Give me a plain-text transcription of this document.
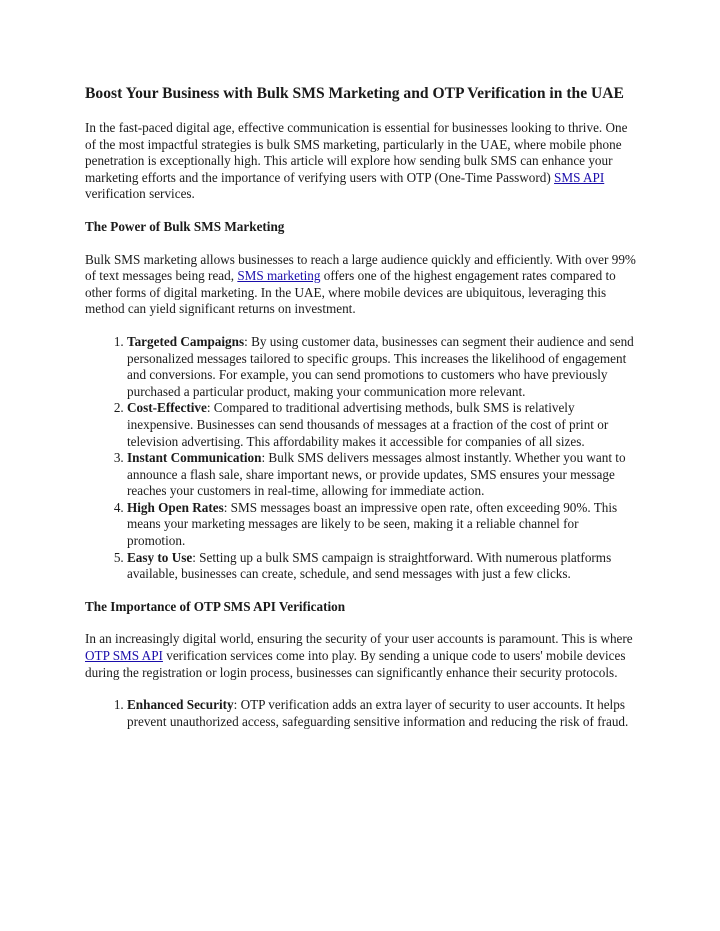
Boost Your Business with Bulk SMS Marketing and OTP Verification in the UAE

In the fast-paced digital age, effective communication is essential for businesses looking to thrive. One of the most impactful strategies is bulk SMS marketing, particularly in the UAE, where mobile phone penetration is exceptionally high. This article will explore how sending bulk SMS can enhance your marketing efforts and the importance of verifying users with OTP (One-Time Password) SMS API verification services.

The Power of Bulk SMS Marketing

Bulk SMS marketing allows businesses to reach a large audience quickly and efficiently. With over 99% of text messages being read, SMS marketing offers one of the highest engagement rates compared to other forms of digital marketing. In the UAE, where mobile devices are ubiquitous, leveraging this method can yield significant returns on investment.

1. Targeted Campaigns: By using customer data, businesses can segment their audience and send personalized messages tailored to specific groups. This increases the likelihood of engagement and conversions. For example, you can send promotions to customers who have previously purchased a particular product, making your communication more relevant.
2. Cost-Effective: Compared to traditional advertising methods, bulk SMS is relatively inexpensive. Businesses can send thousands of messages at a fraction of the cost of print or television advertising. This affordability makes it accessible for companies of all sizes.
3. Instant Communication: Bulk SMS delivers messages almost instantly. Whether you want to announce a flash sale, share important news, or provide updates, SMS ensures your message reaches your customers in real-time, allowing for immediate action.
4. High Open Rates: SMS messages boast an impressive open rate, often exceeding 90%. This means your marketing messages are likely to be seen, making it a reliable channel for promotion.
5. Easy to Use: Setting up a bulk SMS campaign is straightforward. With numerous platforms available, businesses can create, schedule, and send messages with just a few clicks.
The Importance of OTP SMS API Verification

In an increasingly digital world, ensuring the security of your user accounts is paramount. This is where OTP SMS API verification services come into play. By sending a unique code to users' mobile devices during the registration or login process, businesses can significantly enhance their security protocols.

1. Enhanced Security: OTP verification adds an extra layer of security to user accounts. It helps prevent unauthorized access, safeguarding sensitive information and reducing the risk of fraud.
